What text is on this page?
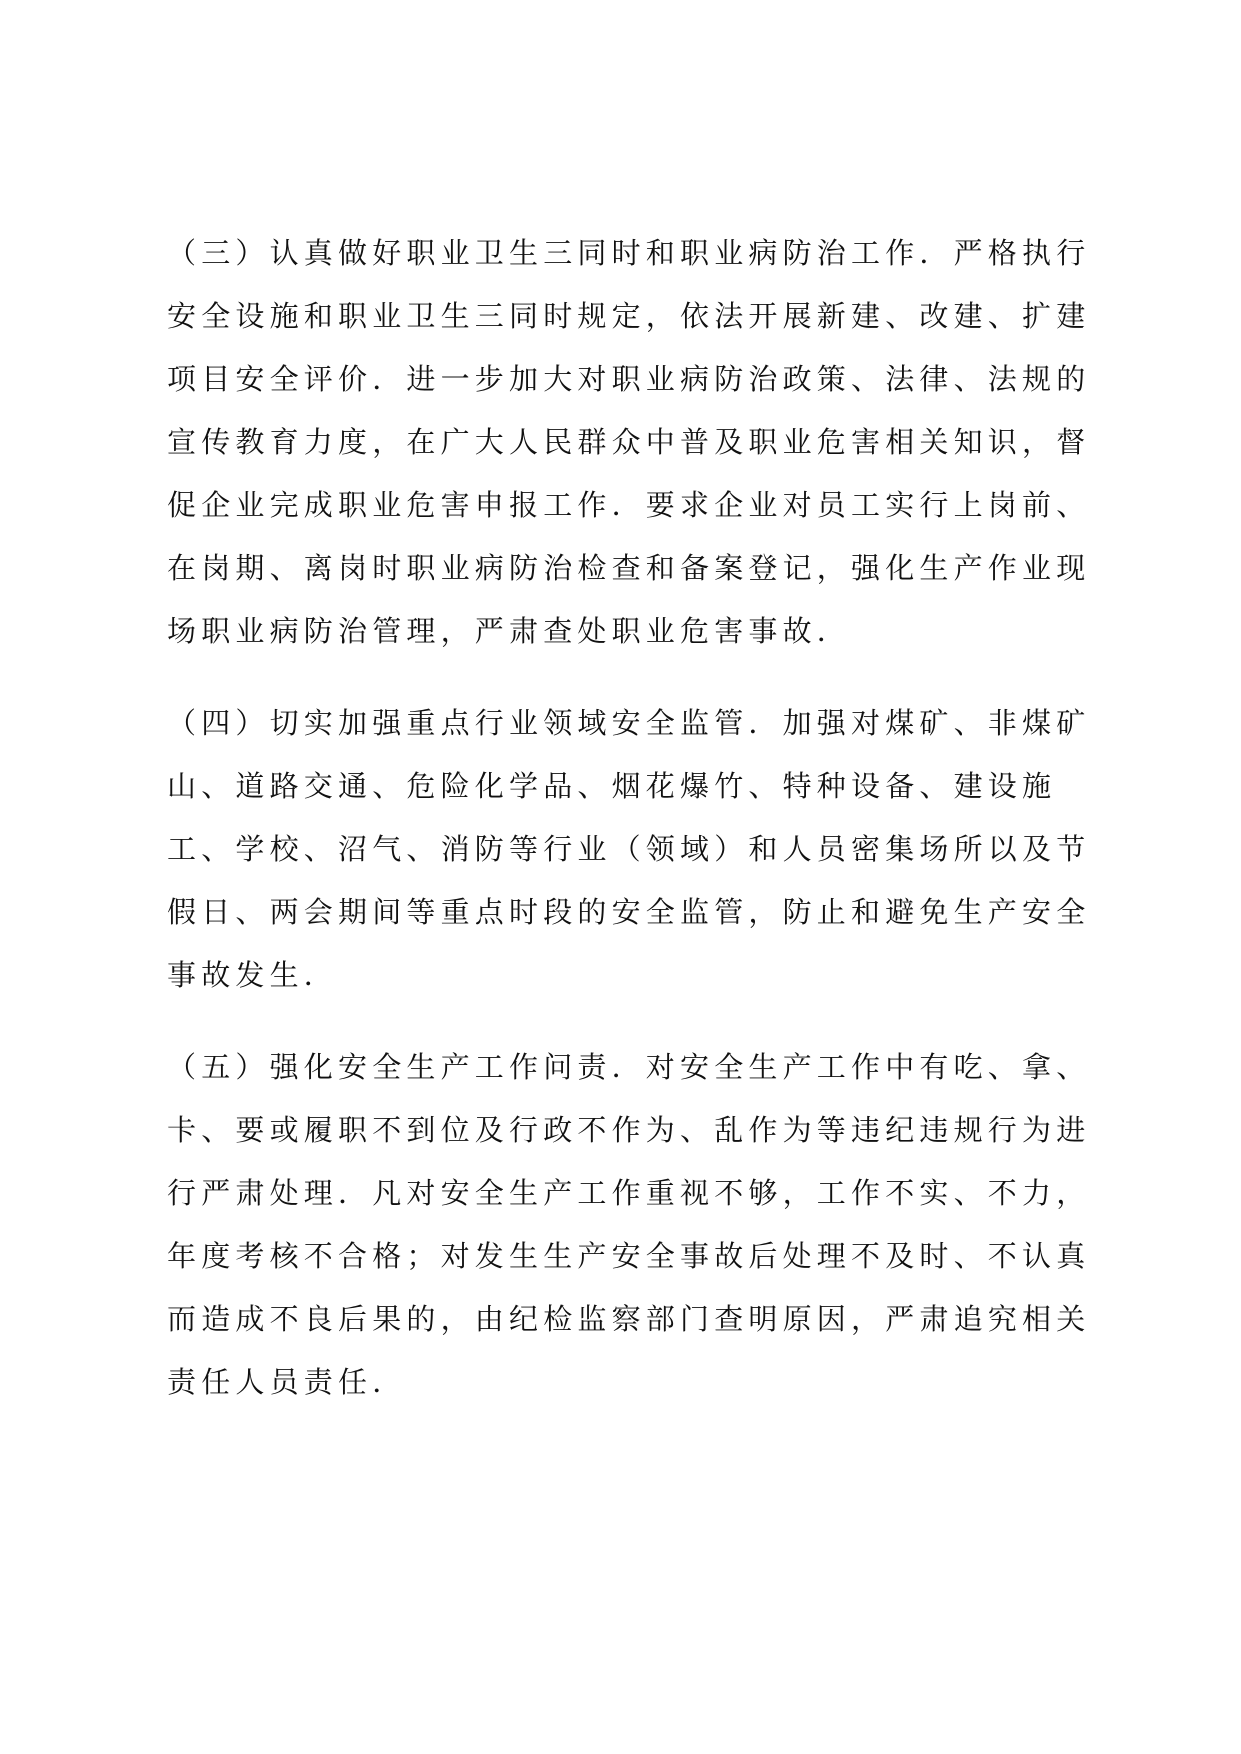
（三）认真做好职业卫生三同时和职业病防治工作．严格执行
安全设施和职业卫生三同时规定，依法开展新建、改建、扩建
项目安全评价．进一步加大对职业病防治政策、法律、法规的
宣传教育力度，在广大人民群众中普及职业危害相关知识，督
促企业完成职业危害申报工作．要求企业对员工实行上岗前、
在岗期、离岗时职业病防治检查和备案登记，强化生产作业现
场职业病防治管理，严肃查处职业危害事故．
（四）切实加强重点行业领域安全监管．加强对煤矿、非煤矿
山、道路交通、危险化学品、烟花爆竹、特种设备、建设施
工、学校、沼气、消防等行业（领域）和人员密集场所以及节
假日、两会期间等重点时段的安全监管，防止和避免生产安全
事故发生．
（五）强化安全生产工作问责．对安全生产工作中有吃、拿、
卡、要或履职不到位及行政不作为、乱作为等违纪违规行为进
行严肃处理．凡对安全生产工作重视不够，工作不实、不力，
年度考核不合格；对发生生产安全事故后处理不及时、不认真
而造成不良后果的，由纪检监察部门查明原因，严肃追究相关
责任人员责任．
